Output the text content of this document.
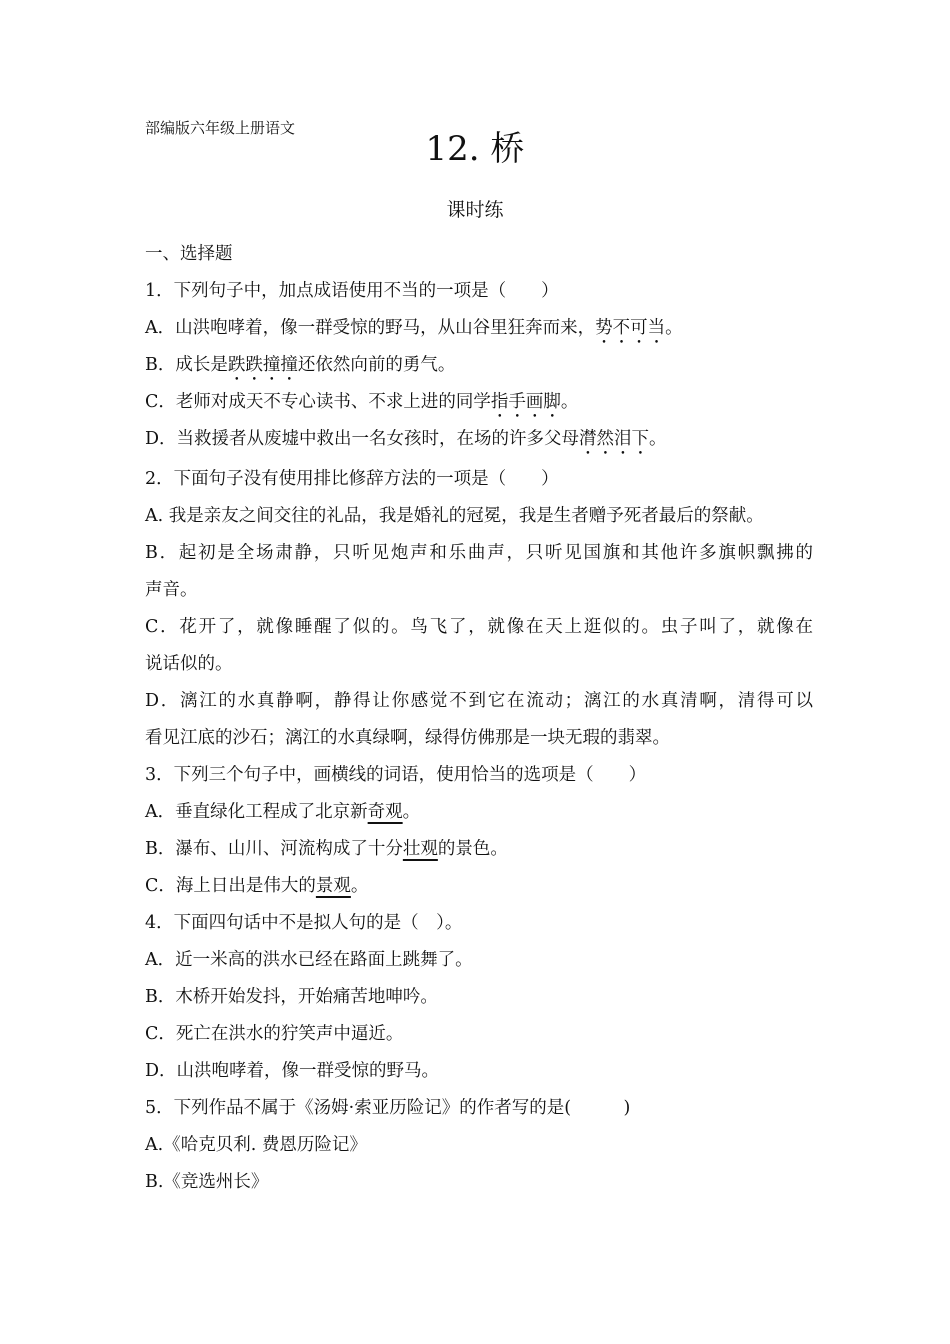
部编版六年级上册语文
12. 桥
课时练
一、选择题
1．下列句子中，加点成语使用不当的一项是（　　）
A．山洪咆哮着，像一群受惊的野马，从山谷里狂奔而来，势不可当。
B．成长是跌跌撞撞还依然向前的勇气。
C．老师对成天不专心读书、不求上进的同学指手画脚。
D．当救援者从废墟中救出一名女孩时，在场的许多父母潸然泪下。
2．下面句子没有使用排比修辞方法的一项是（　　）
A. 我是亲友之间交往的礼品，我是婚礼的冠冕，我是生者赠予死者最后的祭献。
B．起初是全场肃静，只听见炮声和乐曲声，只听见国旗和其他许多旗帜飘拂的
声音。
C．花开了，就像睡醒了似的。鸟飞了，就像在天上逛似的。虫子叫了，就像在
说话似的。
D．漓江的水真静啊，静得让你感觉不到它在流动；漓江的水真清啊，清得可以
看见江底的沙石；漓江的水真绿啊，绿得仿佛那是一块无瑕的翡翠。
3．下列三个句子中，画横线的词语，使用恰当的选项是（　　）
A．垂直绿化工程成了北京新奇观。
B．瀑布、山川、河流构成了十分壮观的景色。
C．海上日出是伟大的景观。
4．下面四句话中不是拟人句的是（　）。
A．近一米高的洪水已经在路面上跳舞了。
B．木桥开始发抖，开始痛苦地呻吟。
C．死亡在洪水的狞笑声中逼近。
D．山洪咆哮着，像一群受惊的野马。
5．下列作品不属于《汤姆·索亚历险记》的作者写的是(　　　)
A.《哈克贝利. 费恩历险记》
B.《竞选州长》
